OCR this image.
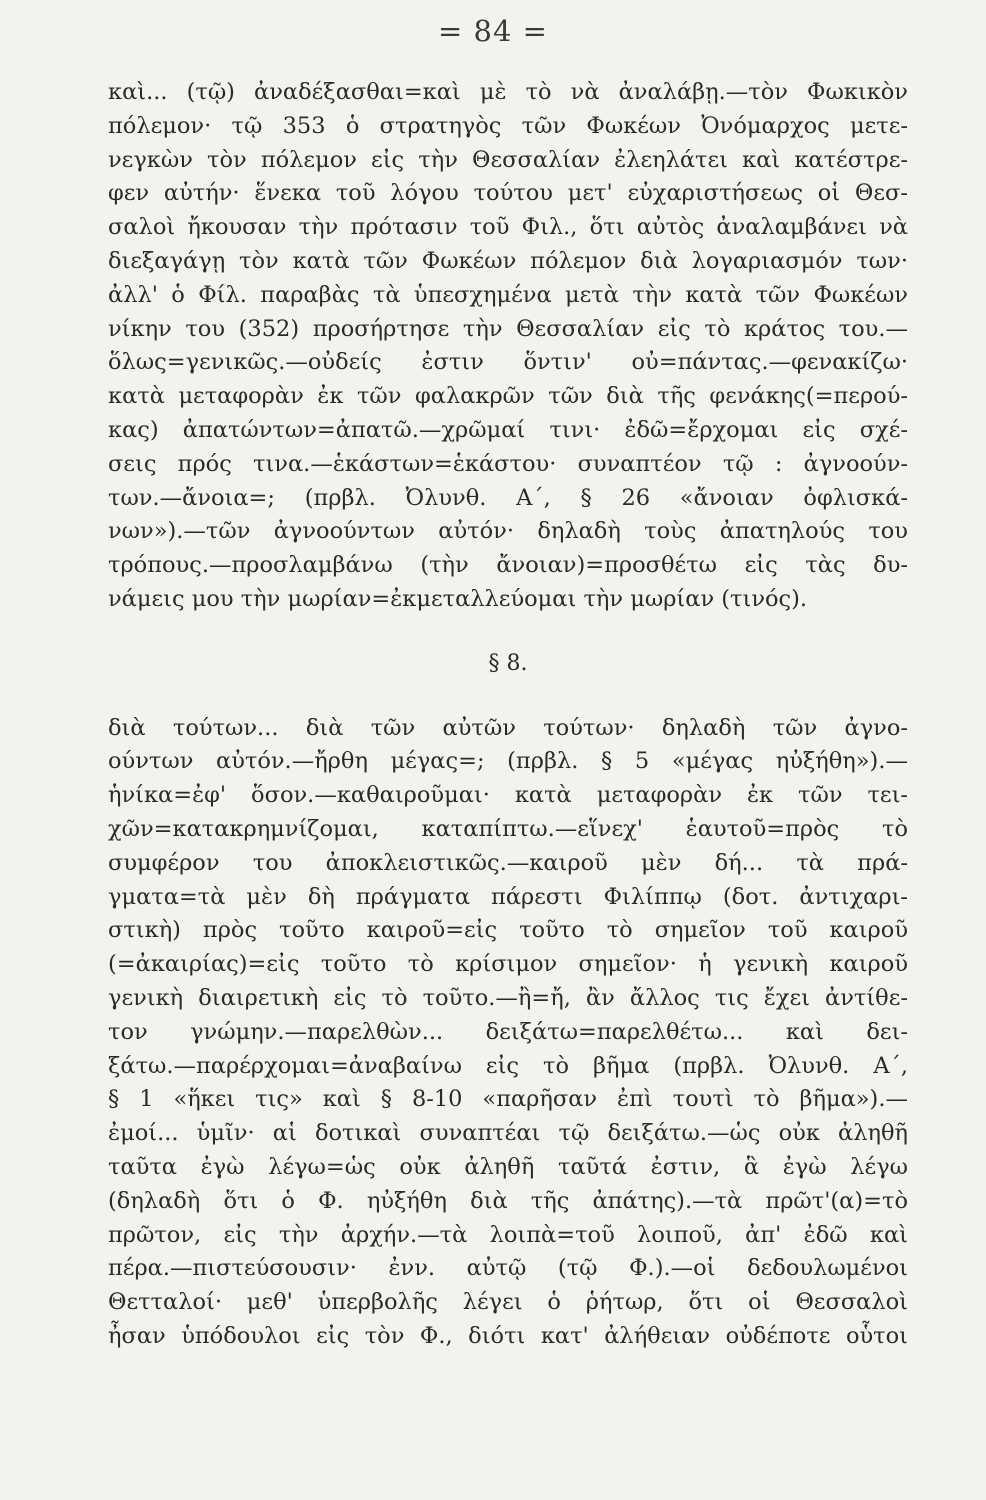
= 84 =
καὶ... (τῷ) ἀναδέξασθαι=καὶ μὲ τὸ νὰ ἀναλάβῃ.—τὸν Φωκικὸν
πόλεμον· τῷ 353 ὁ στρατηγὸς τῶν Φωκέων Ὀνόμαρχος μετε-
νεγκὼν τὸν πόλεμον εἰς τὴν Θεσσαλίαν ἐλεηλάτει καὶ κατέστρε-
φεν αὐτήν· ἕνεκα τοῦ λόγου τούτου μετ' εὐχαριστήσεως οἱ Θεσ-
σαλοὶ ἤκουσαν τὴν πρότασιν τοῦ Φιλ., ὅτι αὐτὸς ἀναλαμβάνει νὰ
διεξαγάγῃ τὸν κατὰ τῶν Φωκέων πόλεμον διὰ λογαριασμόν των·
ἀλλ' ὁ Φίλ. παραβὰς τὰ ὑπεσχημένα μετὰ τὴν κατὰ τῶν Φωκέων
νίκην του (352) προσήρτησε τὴν Θεσσαλίαν εἰς τὸ κράτος του.—
ὅλως=γενικῶς.—οὐδείς ἐστιν ὅντιν' οὐ=πάντας.—φενακίζω·
κατὰ μεταφορὰν ἐκ τῶν φαλακρῶν τῶν διὰ τῆς φενάκης(=περού-
κας) ἀπατώντων=ἀπατῶ.—χρῶμαί τινι· ἐδῶ=ἔρχομαι εἰς σχέ-
σεις πρός τινα.—ἑκάστων=ἑκάστου· συναπτέον τῷ : ἀγνοούν-
των.—ἄνοια=; (πρβλ. Ὀλυνθ. Α΄, § 26 «ἄνοιαν ὀφλισκά-
νων»).—τῶν ἀγνοούντων αὐτόν· δηλαδὴ τοὺς ἀπατηλούς του
τρόπους.—προσλαμβάνω (τὴν ἄνοιαν)=προσθέτω εἰς τὰς δυ-
νάμεις μου τὴν μωρίαν=ἐκμεταλλεύομαι τὴν μωρίαν (τινός).
§ 8.
διὰ τούτων... διὰ τῶν αὐτῶν τούτων· δηλαδὴ τῶν ἀγνο-
ούντων αὐτόν.—ἤρθη μέγας=; (πρβλ. § 5 «μέγας ηὐξήθη»).—
ἡνίκα=ἐφ' ὅσον.—καθαιροῦμαι· κατὰ μεταφορὰν ἐκ τῶν τει-
χῶν=κατακρημνίζομαι, καταπίπτω.—εἵνεχ' ἑαυτοῦ=πρὸς τὸ
συμφέρον του ἀποκλειστικῶς.—καιροῦ μὲν δή... τὰ πρά-
γματα=τὰ μὲν δὴ πράγματα πάρεστι Φιλίππῳ (δοτ. ἀντιχαρι-
στικὴ) πρὸς τοῦτο καιροῦ=εἰς τοῦτο τὸ σημεῖον τοῦ καιροῦ
(=ἀκαιρίας)=εἰς τοῦτο τὸ κρίσιμον σημεῖον· ἡ γενικὴ καιροῦ
γενικὴ διαιρετικὴ εἰς τὸ τοῦτο.—ἢ=ἤ, ἂν ἄλλος τις ἔχει ἀντίθε-
τον γνώμην.—παρελθὼν... δειξάτω=παρελθέτω... καὶ δει-
ξάτω.—παρέρχομαι=ἀναβαίνω εἰς τὸ βῆμα (πρβλ. Ὀλυνθ. Α΄,
§ 1 «ἥκει τις» καὶ § 8-10 «παρῆσαν ἐπὶ τουτὶ τὸ βῆμα»).—
ἐμοί... ὑμῖν· αἱ δοτικαὶ συναπτέαι τῷ δειξάτω.—ὡς οὐκ ἀληθῆ
ταῦτα ἐγὼ λέγω=ὡς οὐκ ἀληθῆ ταῦτά ἐστιν, ἃ ἐγὼ λέγω
(δηλαδὴ ὅτι ὁ Φ. ηὐξήθη διὰ τῆς ἀπάτης).—τὰ πρῶτ'(α)=τὸ
πρῶτον, εἰς τὴν ἀρχήν.—τὰ λοιπὰ=τοῦ λοιποῦ, ἀπ' ἐδῶ καὶ
πέρα.—πιστεύσουσιν· ἐνν. αὐτῷ (τῷ Φ.).—οἱ δεδουλωμένοι
Θετταλοί· μεθ' ὑπερβολῆς λέγει ὁ ῥήτωρ, ὅτι οἱ Θεσσαλοὶ
ἦσαν ὑπόδουλοι εἰς τὸν Φ., διότι κατ' ἀλήθειαν οὐδέποτε οὗτοι
